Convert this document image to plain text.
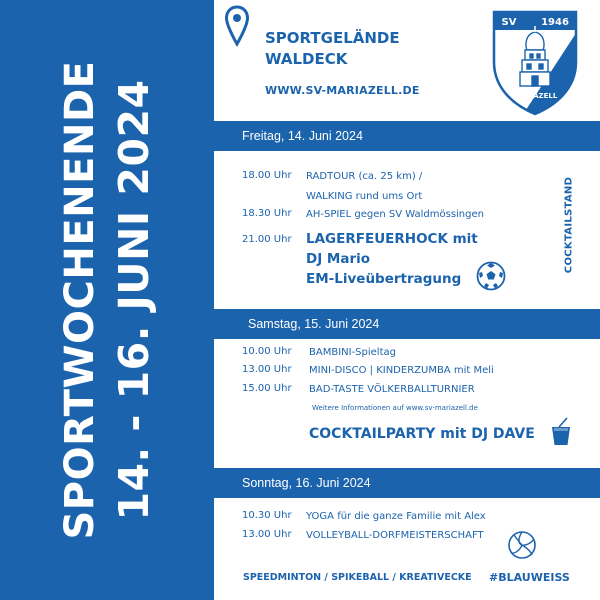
SPORTWOCHENENDE 14. - 16. JUNI 2024
SPORTGELÄNDE
WALDECK
WWW.SV-MARIAZELL.DE
SV 1946
MARIAZELL
Freitag, 14. Juni 2024
18.00 Uhr RADTOUR (ca. 25 km) /
WALKING rund ums Ort
18.30 Uhr AH-SPIEL gegen SV Waldmössingen
21.00 Uhr LAGERFEUERHOCK mit
DJ Mario
EM-Liveübertragung
COCKTAILSTAND
Samstag, 15. Juni 2024
10.00 Uhr BAMBINI-Spieltag
13.00 Uhr MINI-DISCO | KINDERZUMBA mit Meli
15.00 Uhr BAD-TASTE VÖLKERBALLTURNIER
Weitere Informationen auf www.sv-mariazell.de
COCKTAILPARTY mit DJ DAVE
Sonntag, 16. Juni 2024
10.30 Uhr YOGA für die ganze Familie mit Alex
13.00 Uhr VOLLEYBALL-DORFMEISTERSCHAFT
SPEEDMINTON / SPIKEBALL / KREATIVECKE #BLAUWEISS
